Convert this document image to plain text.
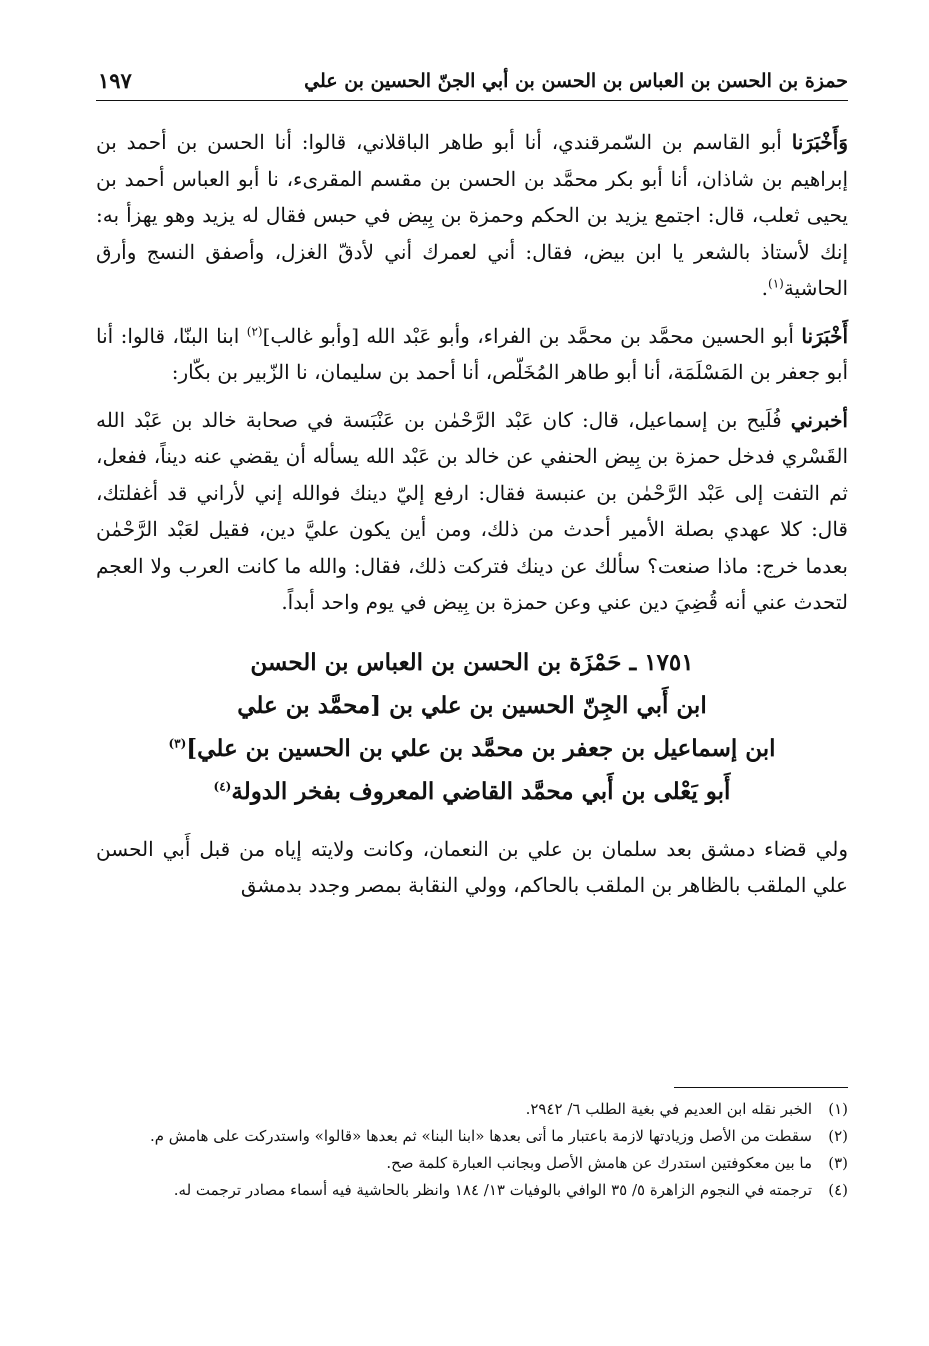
حمزة بن الحسن بن العباس بن الحسن بن أبي الجنّ الحسين بن علي
١٩٧

وَأَخْبَرَنا أبو القاسم بن السّمرقندي، أنا أبو طاهر الباقلاني، قالوا: أنا الحسن بن أحمد بن إبراهيم بن شاذان، أنا أبو بكر محمَّد بن الحسن بن مقسم المقرىء، نا أبو العباس أحمد بن يحيى ثعلب، قال: اجتمع يزيد بن الحكم وحمزة بن بِيض في حبس فقال له يزيد وهو يهزأ به: إنك لأستاذ بالشعر يا ابن بيض، فقال: أني لعمرك أني لأدقّ الغزل، وأصفق النسج وأرق الحاشية$^{(١)}$.

أَخْبَرَنا أبو الحسين محمَّد بن محمَّد بن الفراء، وأبو عَبْد الله [وأبو غالب]$^{(٢)}$ ابنا البنّا، قالوا: أنا أبو جعفر بن المَسْلَمَة، أنا أبو طاهر المُخَلّص، أنا أحمد بن سليمان، نا الزّبير بن بكّار:

أخبرني فُلَيح بن إسماعيل، قال: كان عَبْد الرَّحْمٰن بن عَنْبَسة في صحابة خالد بن عَبْد الله القَسْري فدخل حمزة بن بِيض الحنفي عن خالد بن عَبْد الله يسأله أن يقضي عنه ديناً، ففعل، ثم التفت إلى عَبْد الرَّحْمٰن بن عنبسة فقال: ارفع إليّ دينك فوالله إني لأراني قد أغفلتك، قال: كلا عهدي بصلة الأمير أحدث من ذلك، ومن أين يكون عليَّ دين، فقيل لعَبْد الرَّحْمٰن بعدما خرج: ماذا صنعت؟ سألك عن دينك فتركت ذلك، فقال: والله ما كانت العرب ولا العجم لتحدث عني أنه قُضِيَ دين عني وعن حمزة بن بِيض في يوم واحد أبداً.

١٧٥١ ـ حَمْزَة بن الحسن بن العباس بن الحسن
ابن أَبي الجِنّ الحسين بن علي بن [محمَّد بن علي
ابن إسماعيل بن جعفر بن محمَّد بن علي بن الحسين بن علي]$^{(٣)}$
أَبو يَعْلى بن أَبي محمَّد القاضي المعروف بفخر الدولة$^{(٤)}$

ولي قضاء دمشق بعد سلمان بن علي بن النعمان، وكانت ولايته إياه من قبل أَبي الحسن علي الملقب بالظاهر بن الملقب بالحاكم، وولي النقابة بمصر وجدد بدمشق

(١)
الخبر نقله ابن العديم في بغية الطلب ٦/ ٢٩٤٢.
(٢)
سقطت من الأصل وزيادتها لازمة باعتبار ما أتى بعدها «ابنا البنا» ثم بعدها «قالوا» واستدركت على هامش م.
(٣)
ما بين معكوفتين استدرك عن هامش الأصل وبجانب العبارة كلمة صح.
(٤)
ترجمته في النجوم الزاهرة ٥/ ٣٥ الوافي بالوفيات ١٣/ ١٨٤ وانظر بالحاشية فيه أسماء مصادر ترجمت له.
